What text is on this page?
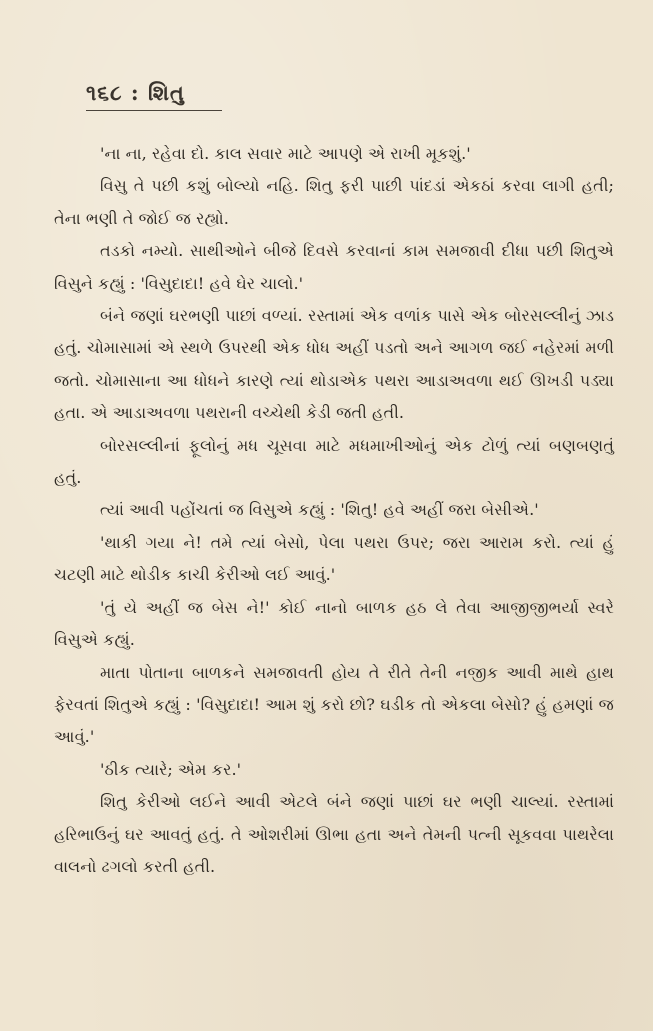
૧૬૮ : શિતુ

'ના ના, રહેવા દો. કાલ સવાર માટે આપણે એ રાખી મૂકશું.'

વિસુ તે પછી કશું બોલ્યો નહિ. શિતુ ફરી પાછી પાંદડાં એકઠાં કરવા લાગી હતી; તેના ભણી તે જોઈ જ રહ્યો.

તડકો નમ્યો. સાથીઓને બીજે દિવસે કરવાનાં કામ સમજાવી દીધા પછી શિતુએ વિસુને કહ્યું : 'વિસુદાદા! હવે ઘેર ચાલો.'

બંને જણાં ઘરભણી પાછાં વળ્યાં. રસ્તામાં એક વળાંક પાસે એક બોરસલ્લીનું ઝાડ હતું. ચોમાસામાં એ સ્થળે ઉપરથી એક ધોધ અહીં પડતો અને આગળ જઈ નહેરમાં મળી જતો. ચોમાસાના આ ધોધને કારણે ત્યાં થોડાએક પથરા આડાઅવળા થઈ ઊખડી પડ્યા હતા. એ આડાઅવળા પથરાની વચ્ચેથી કેડી જતી હતી.

બોરસલ્લીનાં ફૂલોનું મધ ચૂસવા માટે મધમાખીઓનું એક ટોળું ત્યાં બણબણતું હતું.

ત્યાં આવી પહોંચતાં જ વિસુએ કહ્યું : 'શિતુ! હવે અહીં જરા બેસીએ.'

'થાકી ગયા ને! તમે ત્યાં બેસો, પેલા પથરા ઉપર; જરા આરામ કરો. ત્યાં હું ચટણી માટે થોડીક કાચી કેરીઓ લઈ આવું.'

'તું યે અહીં જ બેસ ને!' કોઈ નાનો બાળક હઠ લે તેવા આજીજીભર્યા સ્વરે વિસુએ કહ્યું.

માતા પોતાના બાળકને સમજાવતી હોય તે રીતે તેની નજીક આવી માથે હાથ ફેરવતાં શિતુએ કહ્યું : 'વિસુદાદા! આમ શું કરો છો? ઘડીક તો એકલા બેસો? હું હમણાં જ આવું.'

'ઠીક ત્યારે; એમ કર.'

શિતુ કેરીઓ લઈને આવી એટલે બંને જણાં પાછાં ઘર ભણી ચાલ્યાં. રસ્તામાં હરિભાઉનું ઘર આવતું હતું. તે ઓશરીમાં ઊભા હતા અને તેમની પત્ની સૂકવવા પાથરેલા વાલનો ઢગલો કરતી હતી.
